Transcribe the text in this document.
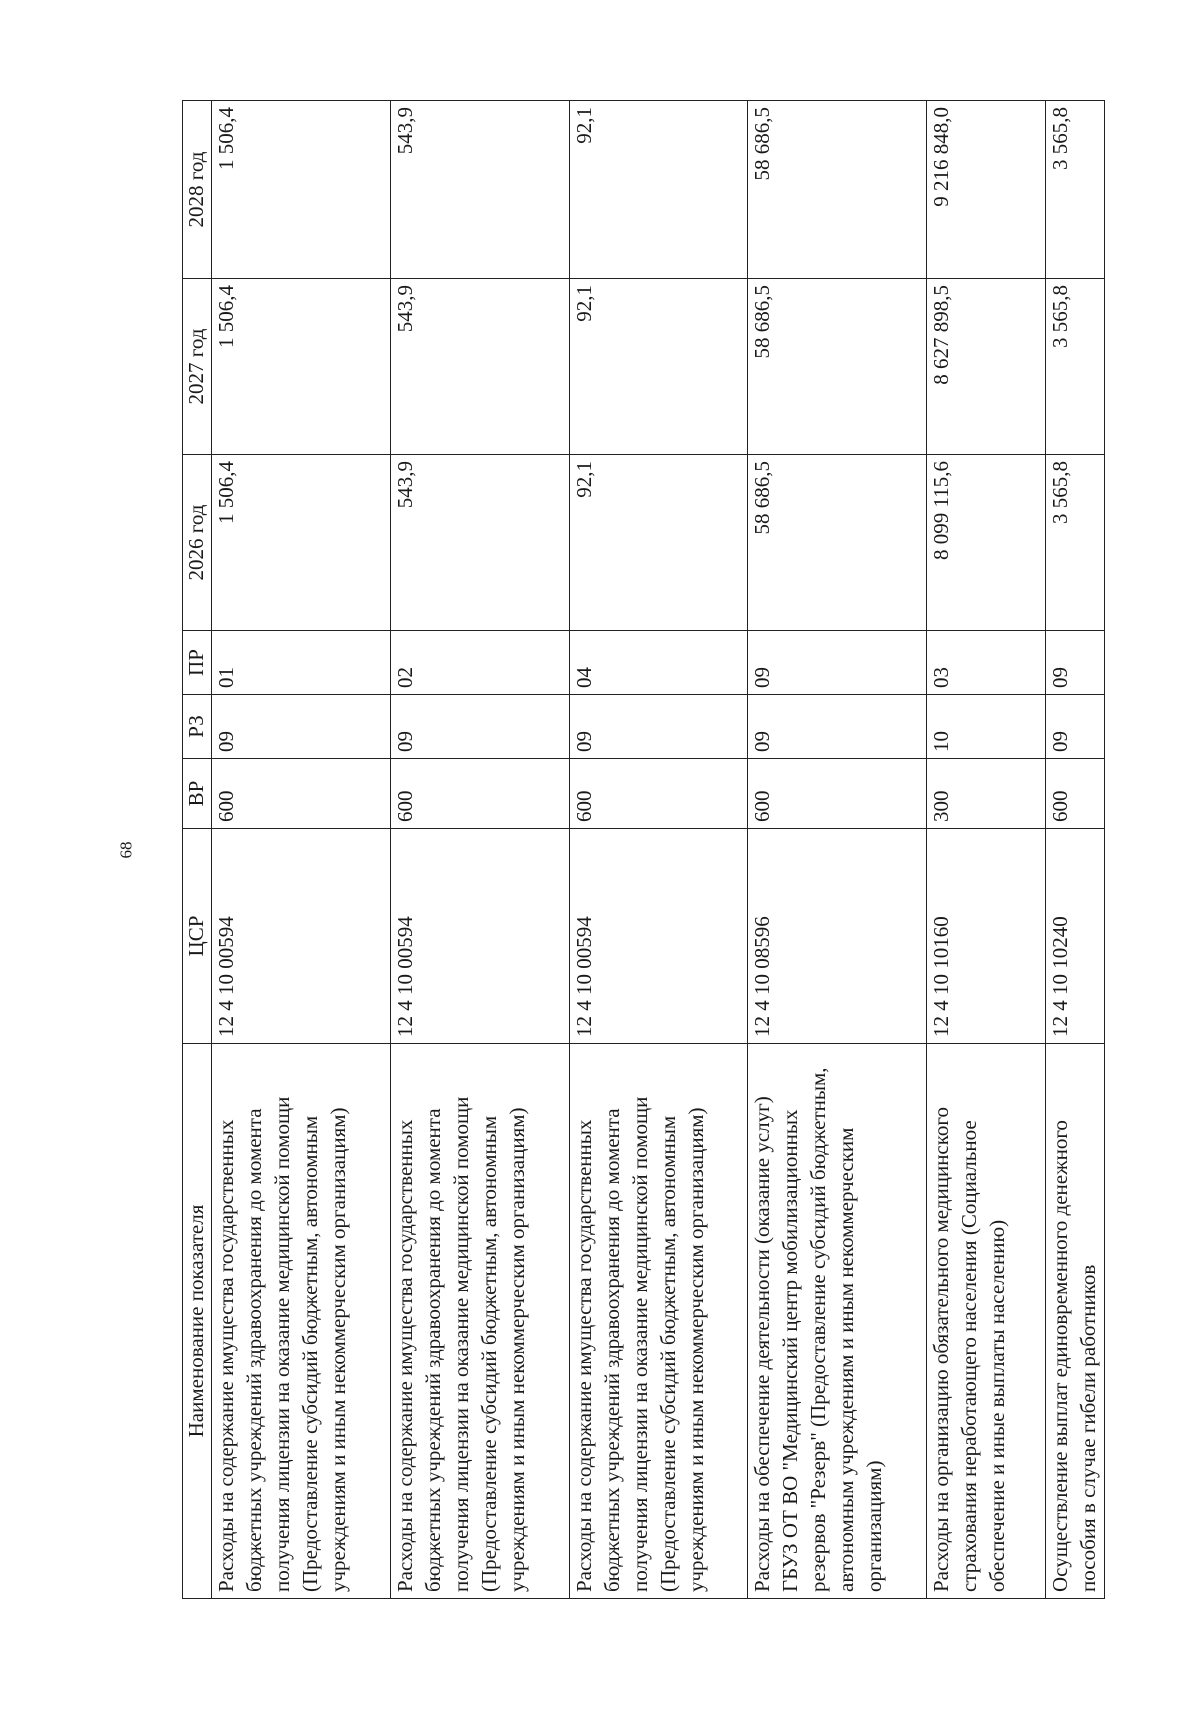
68
Наименование показателя	ЦСР	ВР	РЗ	ПР	2026 год	2027 год	2028 год
Расходы на содержание имущества государственных бюджетных учреждений здравоохранения до момента получения лицензии на оказание медицинской помощи (Предоставление субсидий бюджетным, автономным учреждениям и иным некоммерческим организациям)	12 4 10 00594	600	09	01	1 506,4	1 506,4	1 506,4
Расходы на содержание имущества государственных бюджетных учреждений здравоохранения до момента получения лицензии на оказание медицинской помощи (Предоставление субсидий бюджетным, автономным учреждениям и иным некоммерческим организациям)	12 4 10 00594	600	09	02	543,9	543,9	543,9
Расходы на содержание имущества государственных бюджетных учреждений здравоохранения до момента получения лицензии на оказание медицинской помощи (Предоставление субсидий бюджетным, автономным учреждениям и иным некоммерческим организациям)	12 4 10 00594	600	09	04	92,1	92,1	92,1
Расходы на обеспечение деятельности (оказание услуг) ГБУЗ ОТ ВО "Медицинский центр мобилизационных резервов "Резерв" (Предоставление субсидий бюджетным, автономным учреждениям и иным некоммерческим организациям)	12 4 10 08596	600	09	09	58 686,5	58 686,5	58 686,5
Расходы на организацию обязательного медицинского страхования неработающего населения (Социальное обеспечение и иные выплаты населению)	12 4 10 10160	300	10	03	8 099 115,6	8 627 898,5	9 216 848,0
Осуществление выплат единовременного денежного пособия в случае гибели работников	12 4 10 10240	600	09	09	3 565,8	3 565,8	3 565,8
